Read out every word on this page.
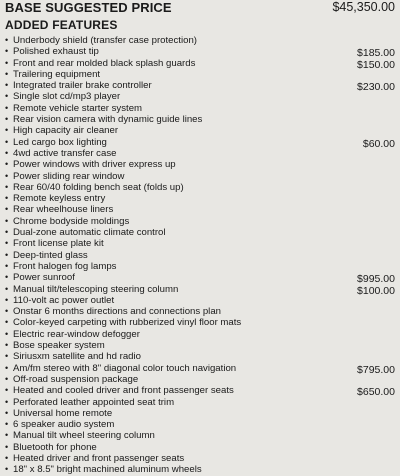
BASE SUGGESTED PRICE	$45,350.00
ADDED FEATURES
• Underbody shield (transfer case protection)
• Polished exhaust tip	$185.00
• Front and rear molded black splash guards	$150.00
• Trailering equipment
• Integrated trailer brake controller	$230.00
• Single slot cd/mp3 player
• Remote vehicle starter system
• Rear vision camera with dynamic guide lines
• High capacity air cleaner
• Led cargo box lighting	$60.00
• 4wd active transfer case
• Power windows with driver express up
• Power sliding rear window
• Rear 60/40 folding bench seat (folds up)
• Remote keyless entry
• Rear wheelhouse liners
• Chrome bodyside moldings
• Dual-zone automatic climate control
• Front license plate kit
• Deep-tinted glass
• Front halogen fog lamps
• Power sunroof	$995.00
• Manual tilt/telescoping steering column	$100.00
• 110-volt ac power outlet
• Onstar 6 months directions and connections plan
• Color-keyed carpeting with rubberized vinyl floor mats
• Electric rear-window defogger
• Bose speaker system
• Siriusxm satellite and hd radio
• Am/fm stereo with 8" diagonal color touch navigation	$795.00
• Off-road suspension package
• Heated and cooled driver and front passenger seats	$650.00
• Perforated leather appointed seat trim
• Universal home remote
• 6 speaker audio system
• Manual tilt wheel steering column
• Bluetooth for phone
• Heated driver and front passenger seats
• 18" x 8.5" bright machined aluminum wheels
